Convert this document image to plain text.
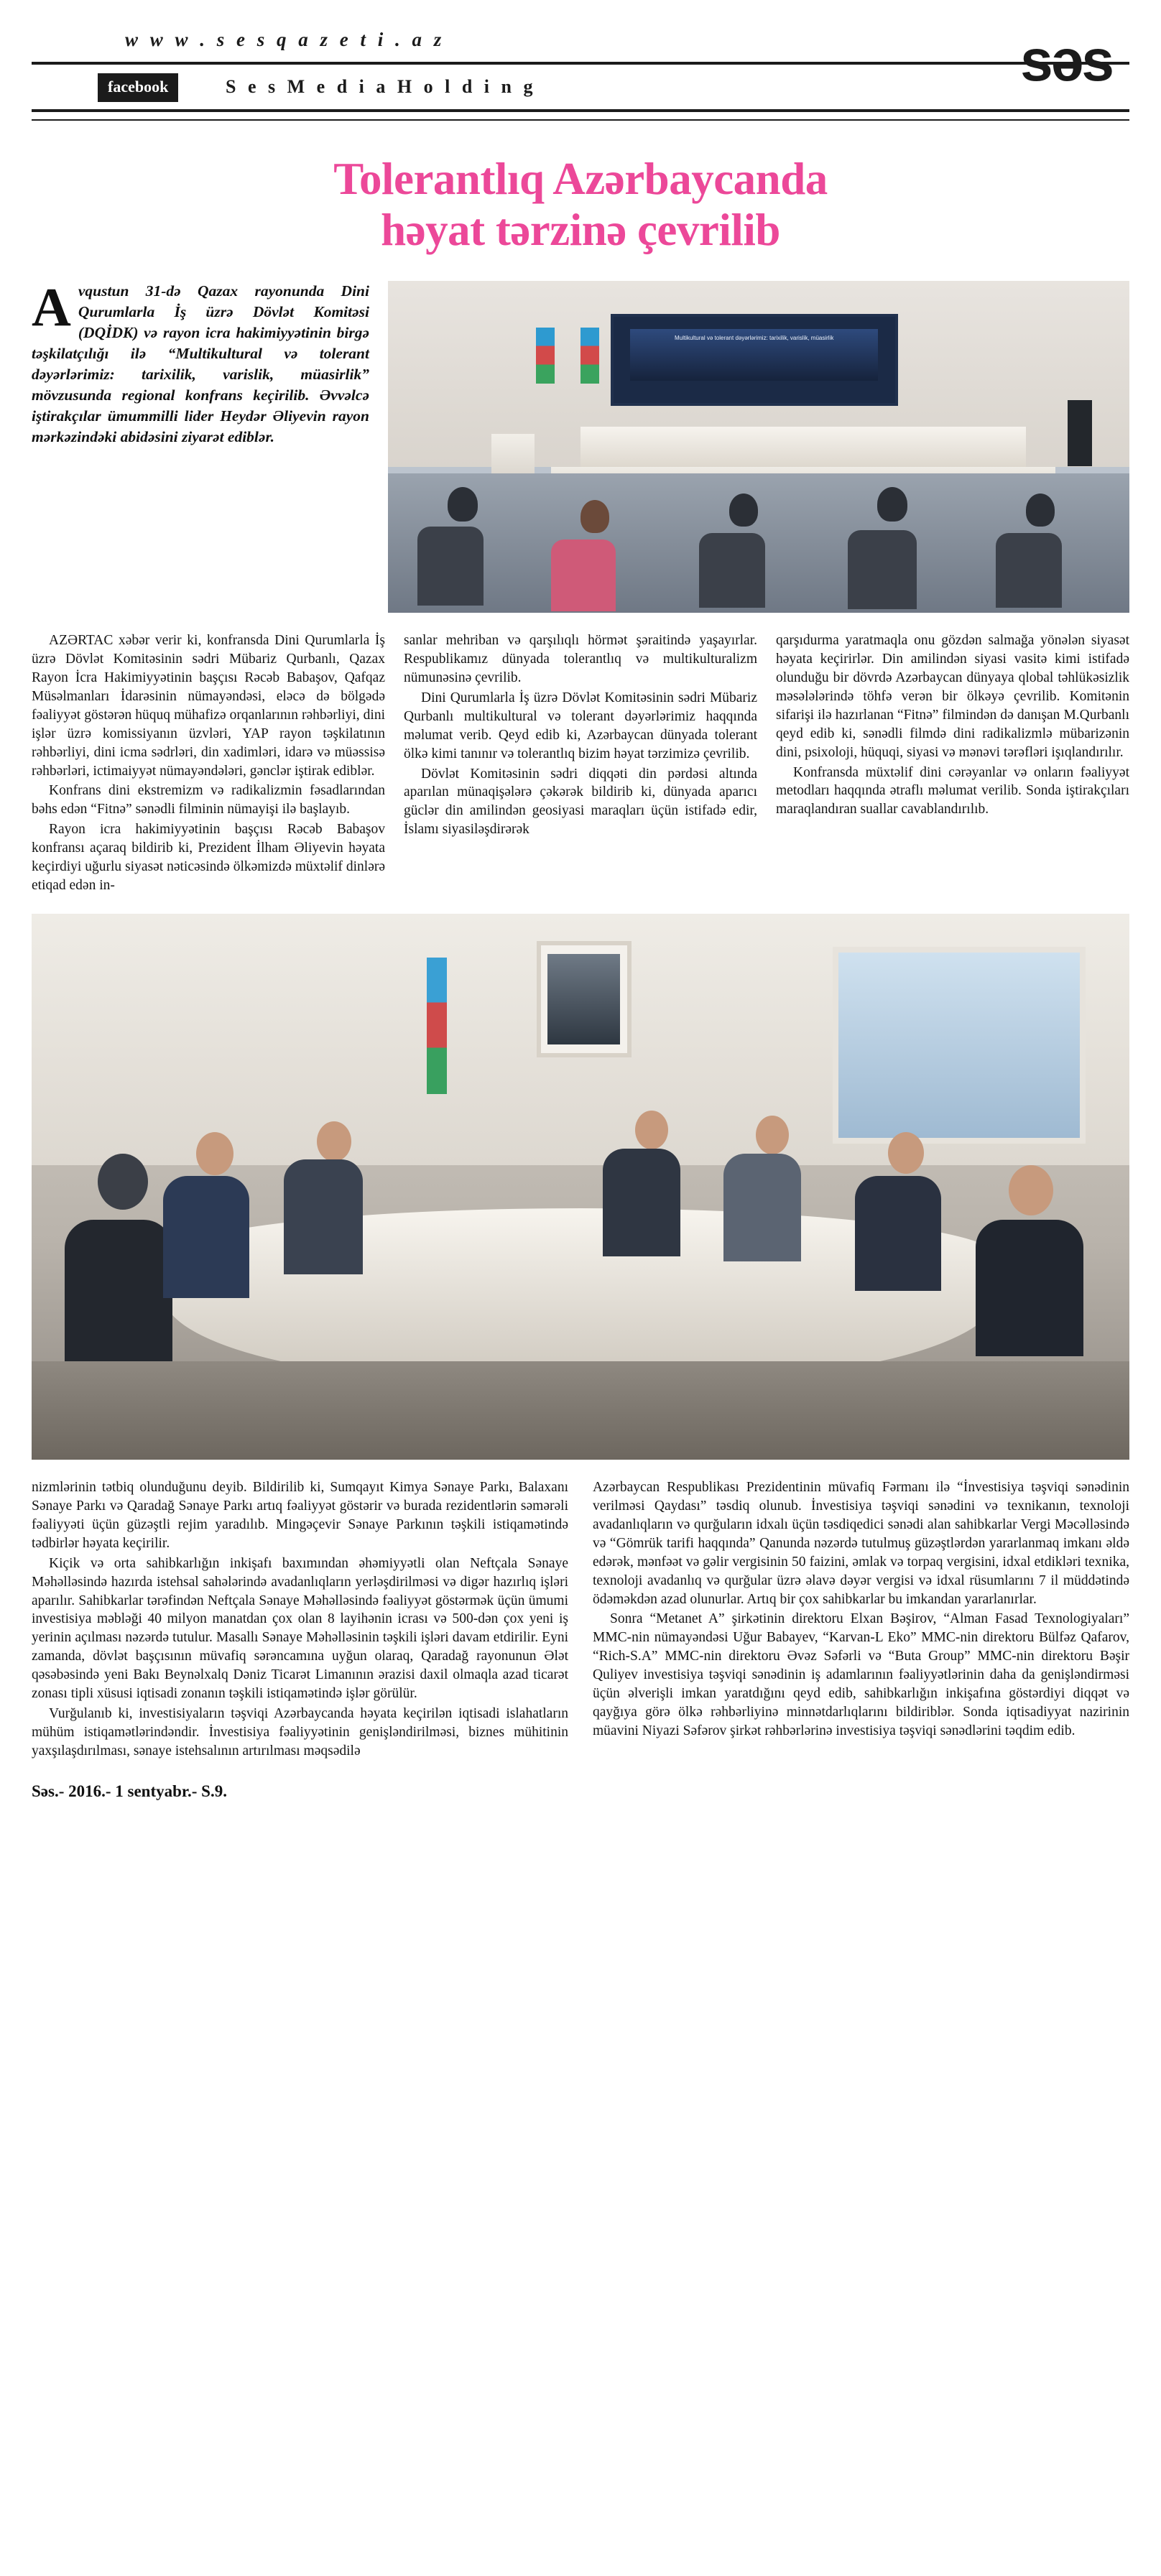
w w w . s e s q a z e t i . a z
facebook	S e s M e d i a H o l d i n g	səs
Tolerantlıq Azərbaycanda
həyat tərzinə çevrilib
Avqustun 31-də Qazax rayonunda Dini Qurumlarla İş üzrə Dövlət Komitəsi (DQİDK) və rayon icra hakimiyyətinin birgə təşkilatçılığı ilə “Multikultural və tolerant dəyərlərimiz: tarixilik, varislik, müasirlik” mövzusunda regional konfrans keçirilib. Əvvəlcə iştirakçılar ümummilli lider Heydər Əliyevin rayon mərkəzindəki abidəsini ziyarət ediblər.
Multikultural və tolerant dəyərlərimiz: tarixilik, varislik, müasirlik

AZƏRTAC xəbər verir ki, konfransda Dini Qurumlarla İş üzrə Dövlət Komitəsinin sədri Mübariz Qurbanlı, Qazax Rayon İcra Hakimiyyətinin başçısı Rəcəb Babaşov, Qafqaz Müsəlmanları İdarəsinin nümayəndəsi, eləcə də bölgədə fəaliyyət göstərən hüquq mühafizə orqanlarının rəhbərliyi, dini işlər üzrə komissiyanın üzvləri, YAP rayon təşkilatının rəhbərliyi, dini icma sədrləri, din xadimləri, idarə və müəssisə rəhbərləri, ictimaiyyət nümayəndələri, gənclər iştirak ediblər.

Konfrans dini ekstremizm və radikalizmin fəsadlarından bəhs edən “Fitnə” sənədli filminin nümayişi ilə başlayıb.

Rayon icra hakimiyyətinin başçısı Rəcəb Babaşov konfransı açaraq bildirib ki, Prezident İlham Əliyevin həyata keçirdiyi uğurlu siyasət nəticəsində ölkəmizdə müxtəlif dinlərə etiqad edən in-

sanlar mehriban və qarşılıqlı hörmət şəraitində yaşayırlar. Respublikamız dünyada tolerantlıq və multikulturalizm nümunəsinə çevrilib.

Dini Qurumlarla İş üzrə Dövlət Komitəsinin sədri Mübariz Qurbanlı multikultural və tolerant dəyərlərimiz haqqında məlumat verib. Qeyd edib ki, Azərbaycan dünyada tolerant ölkə kimi tanınır və tolerantlıq bizim həyat tərzimizə çevrilib.

Dövlət Komitəsinin sədri diqqəti din pərdəsi altında aparılan münaqişələrə çəkərək bildirib ki, dünyada aparıcı güclər din amilindən geosiyasi maraqları üçün istifadə edir, İslamı siyasiləşdirərək

qarşıdurma yaratmaqla onu gözdən salmağa yönələn siyasət həyata keçirirlər. Din amilindən siyasi vasitə kimi istifadə olunduğu bir dövrdə Azərbaycan dünyaya qlobal təhlükəsizlik məsələlərində töhfə verən bir ölkəyə çevrilib. Komitənin sifarişi ilə hazırlanan “Fitnə” filmindən də danışan M.Qurbanlı qeyd edib ki, sənədli filmdə dini radikalizmlə mübarizənin dini, psixoloji, hüquqi, siyasi və mənəvi tərəfləri işıqlandırılır.

Konfransda müxtəlif dini cərəyanlar və onların fəaliyyət metodları haqqında ətraflı məlumat verilib. Sonda iştirakçıları maraqlandıran suallar cavablandırılıb.

nizmlərinin tətbiq olunduğunu deyib. Bildirilib ki, Sumqayıt Kimya Sənaye Parkı, Balaxanı Sənaye Parkı və Qaradağ Sənaye Parkı artıq fəaliyyət göstərir və burada rezidentlərin səmərəli fəaliyyəti üçün güzəştli rejim yaradılıb. Mingəçevir Sənaye Parkının təşkili istiqamətində tədbirlər həyata keçirilir.

Kiçik və orta sahibkarlığın inkişafı baxımından əhəmiyyətli olan Neftçala Sənaye Məhəlləsində hazırda istehsal sahələrində avadanlıqların yerləşdirilməsi və digər hazırlıq işləri aparılır. Sahibkarlar tərəfindən Neftçala Sənaye Məhəlləsində fəaliyyət göstərmək üçün ümumi investisiya məbləği 40 milyon manatdan çox olan 8 layihənin icrası və 500-dən çox yeni iş yerinin açılması nəzərdə tutulur. Masallı Sənaye Məhəlləsinin təşkili işləri davam etdirilir. Eyni zamanda, dövlət başçısının müvafiq sərəncamına uyğun olaraq, Qaradağ rayonunun Ələt qəsəbəsində yeni Bakı Beynəlxalq Dəniz Ticarət Limanının ərazisi daxil olmaqla azad ticarət zonası tipli xüsusi iqtisadi zonanın təşkili istiqamətində işlər görülür.

Vurğulanıb ki, investisiyaların təşviqi Azərbaycanda həyata keçirilən iqtisadi islahatların mühüm istiqamətlərindəndir. İnvestisiya fəaliyyətinin genişləndirilməsi, biznes mühitinin yaxşılaşdırılması, sənaye istehsalının artırılması məqsədilə

Azərbaycan Respublikası Prezidentinin müvafiq Fərmanı ilə “İnvestisiya təşviqi sənədinin verilməsi Qaydası” təsdiq olunub. İnvestisiya təşviqi sənədini və texnikanın, texnoloji avadanlıqların və qurğuların idxalı üçün təsdiqedici sənədi alan sahibkarlar Vergi Məcəlləsində və “Gömrük tarifi haqqında” Qanunda nəzərdə tutulmuş güzəştlərdən yararlanmaq imkanı əldə edərək, mənfəət və gəlir vergisinin 50 faizini, əmlak və torpaq vergisini, idxal etdikləri texnika, texnoloji avadanlıq və qurğular üzrə əlavə dəyər vergisi və idxal rüsumlarını 7 il müddətində ödəməkdən azad olunurlar. Artıq bir çox sahibkarlar bu imkandan yararlanırlar.

Sonra “Metanet A” şirkətinin direktoru Elxan Bəşirov, “Alman Fasad Texnologiyaları” MMC-nin nümayəndəsi Uğur Babayev, “Karvan-L Eko” MMC-nin direktoru Bülfəz Qafarov, “Rich-S.A” MMC-nin direktoru Əvəz Səfərli və “Buta Group” MMC-nin direktoru Bəşir Quliyev investisiya təşviqi sənədinin iş adamlarının fəaliyyətlərinin daha da genişləndirməsi üçün əlverişli imkan yaratdığını qeyd edib, sahibkarlığın inkişafına göstərdiyi diqqət və qayğıya görə ölkə rəhbərliyinə minnətdarlıqlarını bildiriblər. Sonda iqtisadiyyat nazirinin müavini Niyazi Səfərov şirkət rəhbərlərinə investisiya təşviqi sənədlərini təqdim edib.

Səs.- 2016.- 1 sentyabr.- S.9.
